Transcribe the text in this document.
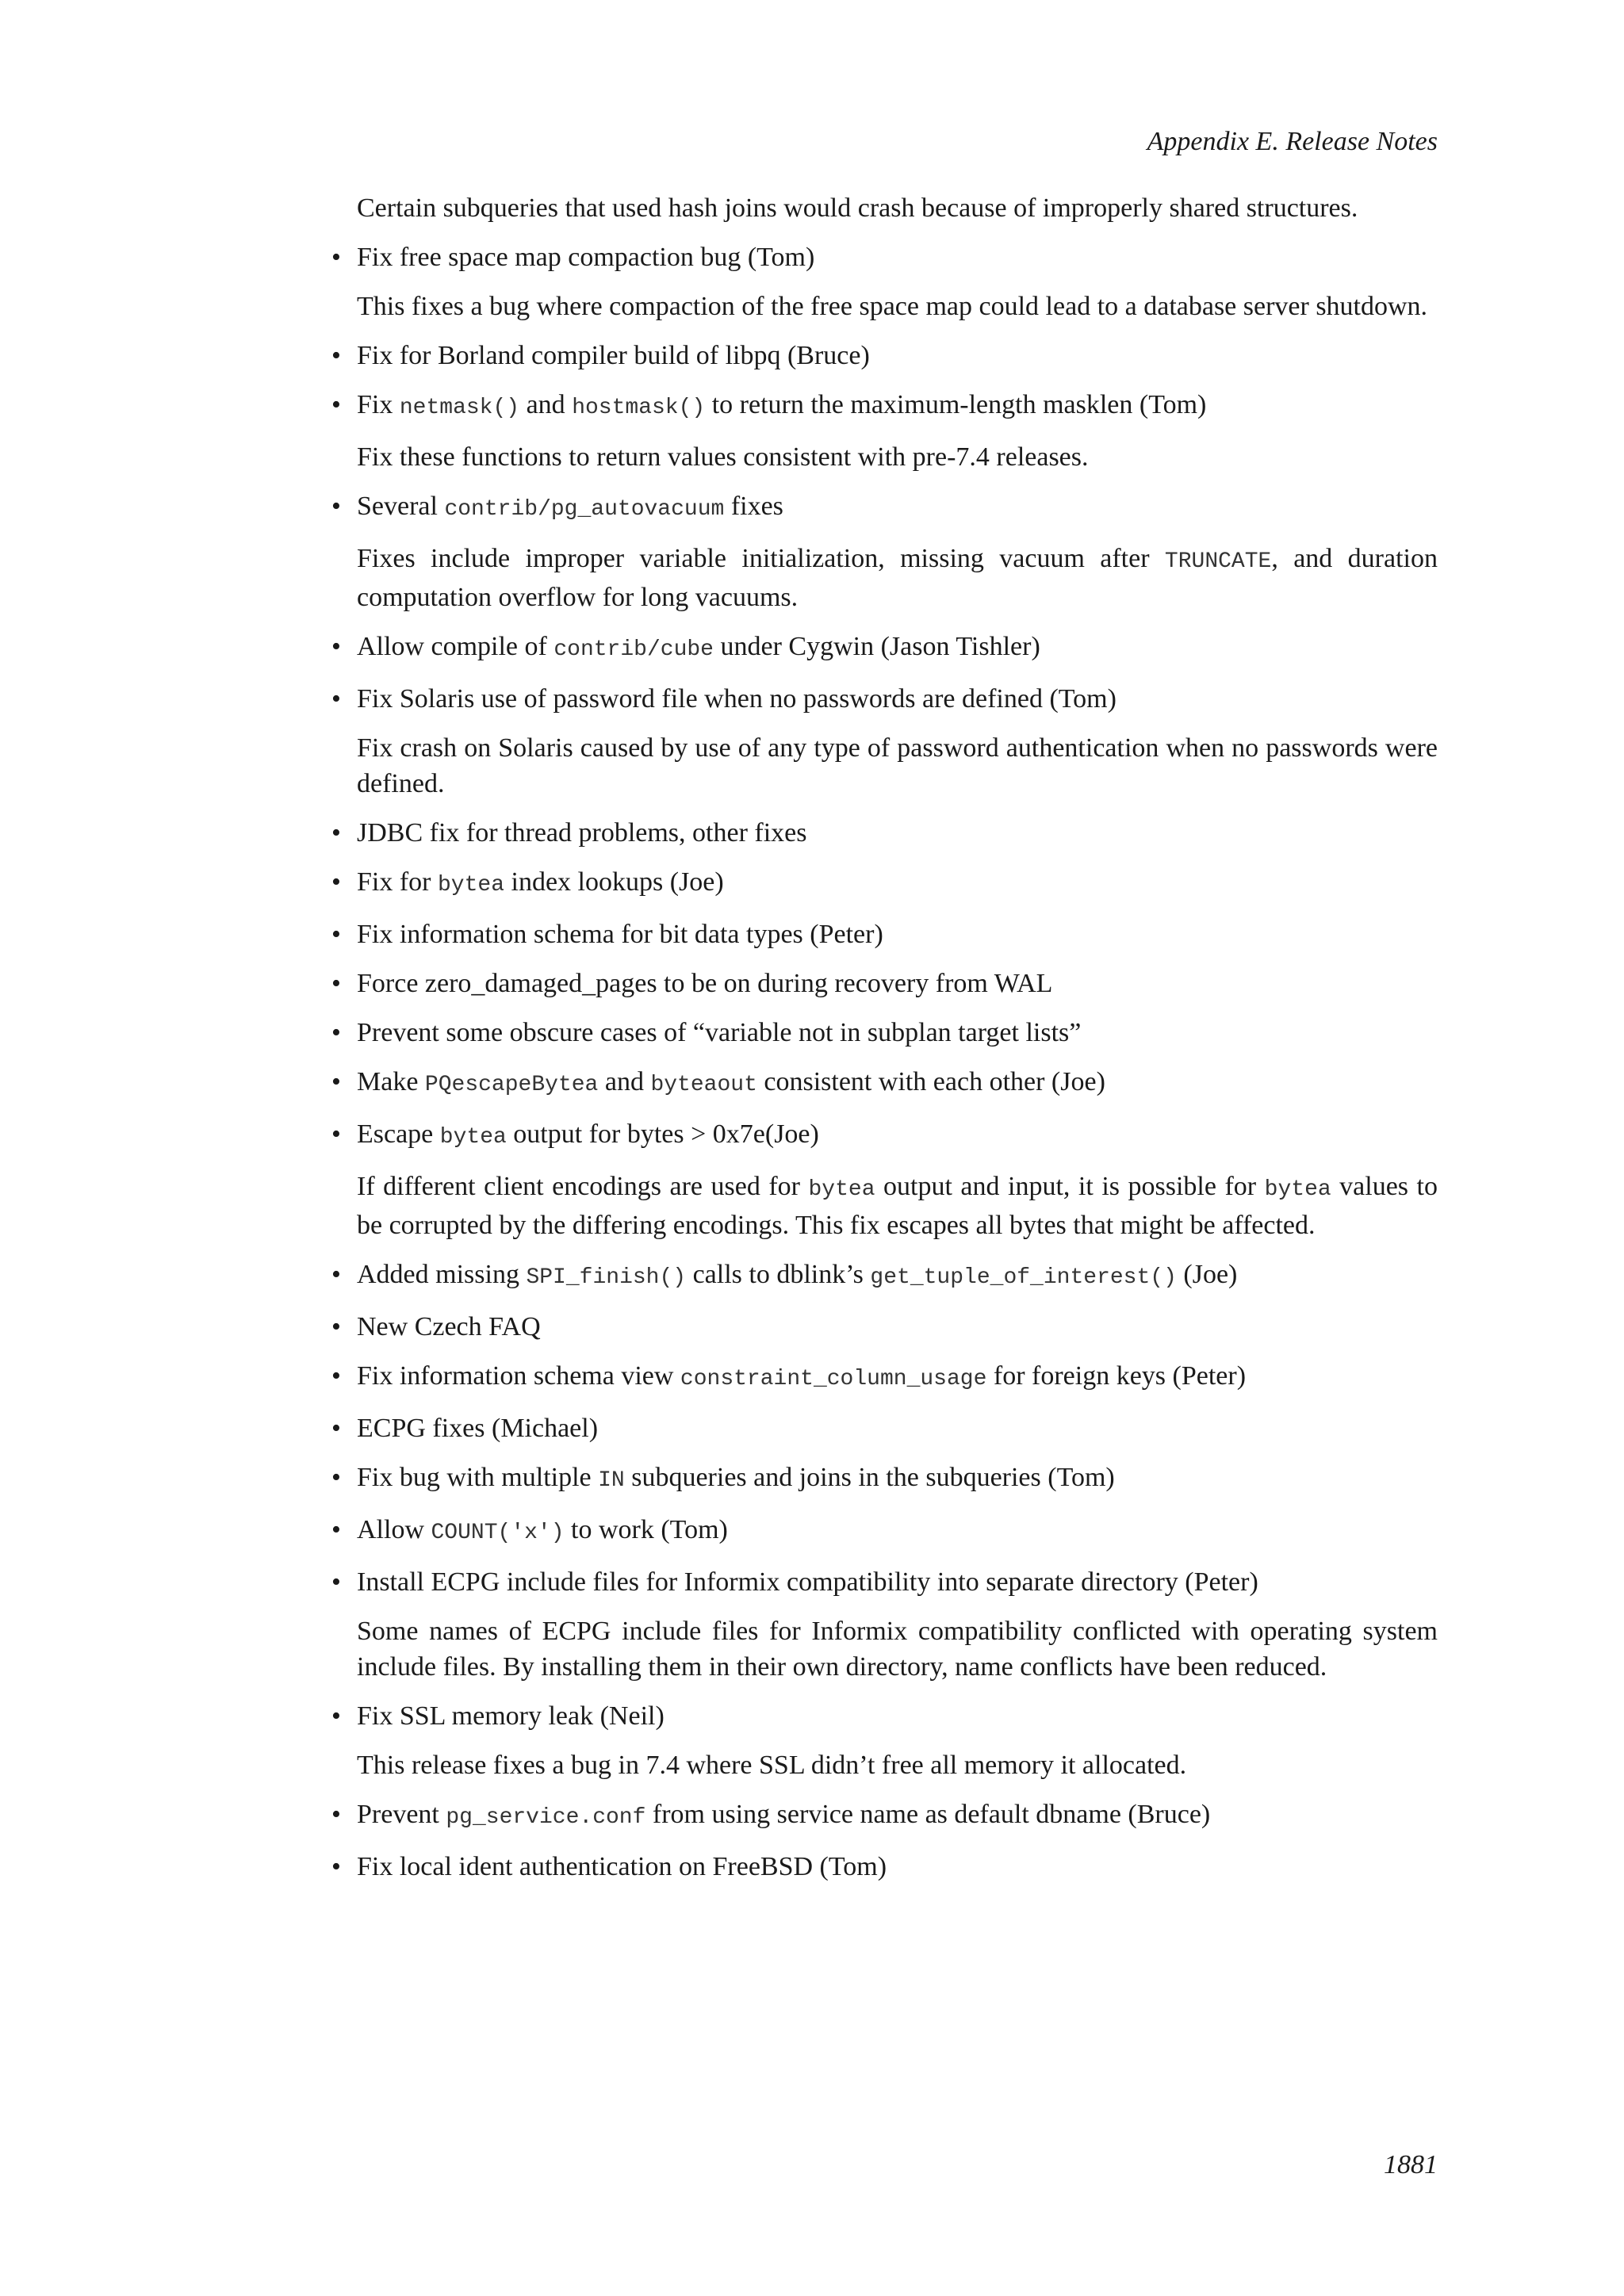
Appendix E. Release Notes

Certain subqueries that used hash joins would crash because of improperly shared structures.

• Fix free space map compaction bug (Tom)

This fixes a bug where compaction of the free space map could lead to a database server shutdown.

• Fix for Borland compiler build of libpq (Bruce)
• Fix netmask() and hostmask() to return the maximum-length masklen (Tom)

Fix these functions to return values consistent with pre-7.4 releases.

• Several contrib/pg_autovacuum fixes

Fixes include improper variable initialization, missing vacuum after TRUNCATE, and duration computation overflow for long vacuums.

• Allow compile of contrib/cube under Cygwin (Jason Tishler)
• Fix Solaris use of password file when no passwords are defined (Tom)

Fix crash on Solaris caused by use of any type of password authentication when no passwords were defined.

• JDBC fix for thread problems, other fixes
• Fix for bytea index lookups (Joe)
• Fix information schema for bit data types (Peter)
• Force zero_damaged_pages to be on during recovery from WAL
• Prevent some obscure cases of “variable not in subplan target lists”
• Make PQescapeBytea and byteaout consistent with each other (Joe)
• Escape bytea output for bytes > 0x7e(Joe)

If different client encodings are used for bytea output and input, it is possible for bytea values to be corrupted by the differing encodings. This fix escapes all bytes that might be affected.

• Added missing SPI_finish() calls to dblink’s get_tuple_of_interest() (Joe)
• New Czech FAQ
• Fix information schema view constraint_column_usage for foreign keys (Peter)
• ECPG fixes (Michael)
• Fix bug with multiple IN subqueries and joins in the subqueries (Tom)
• Allow COUNT('x') to work (Tom)
• Install ECPG include files for Informix compatibility into separate directory (Peter)

Some names of ECPG include files for Informix compatibility conflicted with operating system include files. By installing them in their own directory, name conflicts have been reduced.

• Fix SSL memory leak (Neil)

This release fixes a bug in 7.4 where SSL didn’t free all memory it allocated.

• Prevent pg_service.conf from using service name as default dbname (Bruce)
• Fix local ident authentication on FreeBSD (Tom)
1881
